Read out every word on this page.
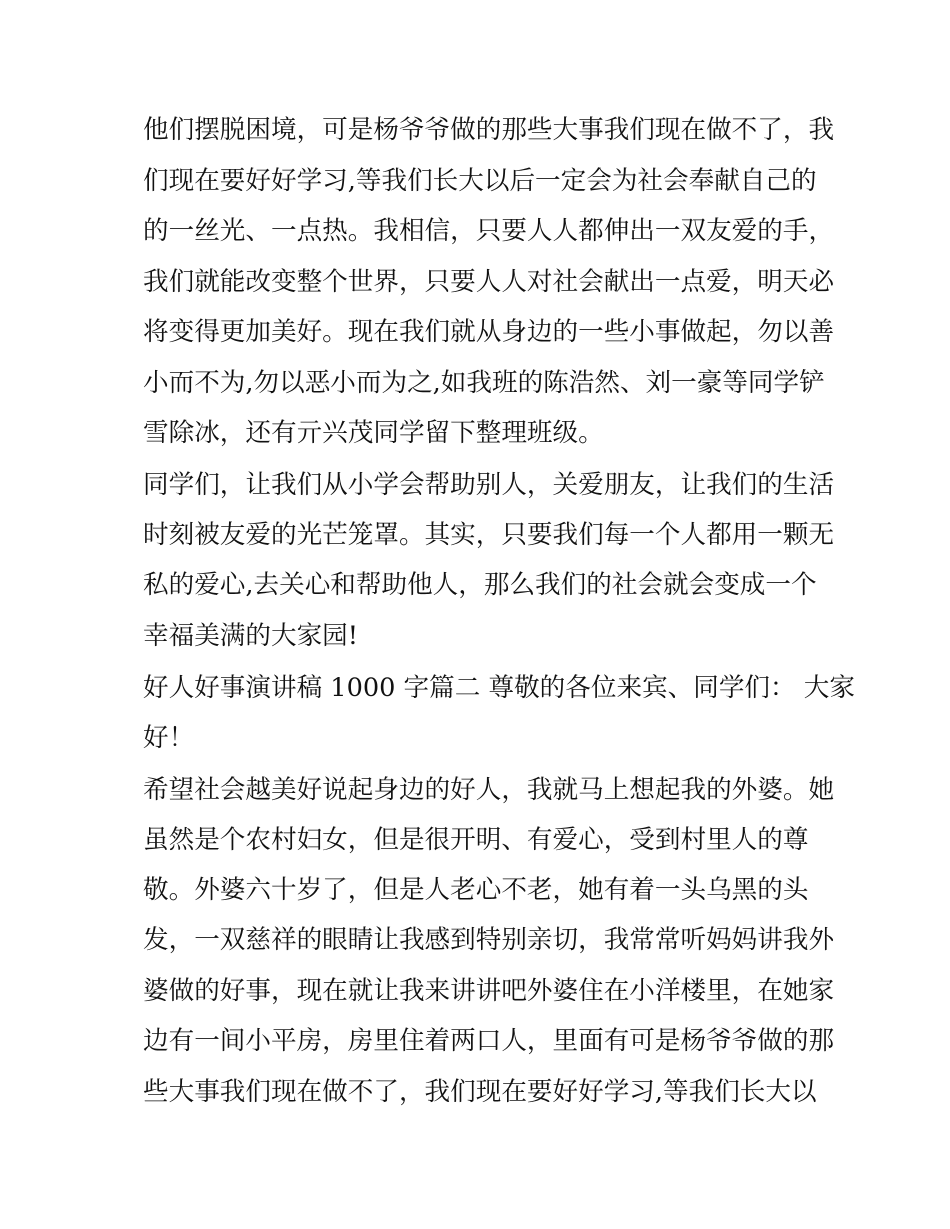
他们摆脱困境，可是杨爷爷做的那些大事我们现在做不了，我
们现在要好好学习,等我们长大以后一定会为社会奉献自己的
的一丝光、一点热。我相信，只要人人都伸出一双友爱的手，
我们就能改变整个世界，只要人人对社会献出一点爱，明天必
将变得更加美好。现在我们就从身边的一些小事做起，勿以善
小而不为,勿以恶小而为之,如我班的陈浩然、刘一豪等同学铲
雪除冰，还有亓兴茂同学留下整理班级。
同学们，让我们从小学会帮助别人，关爱朋友，让我们的生活
时刻被友爱的光芒笼罩。其实，只要我们每一个人都用一颗无
私的爱心,去关心和帮助他人，那么我们的社会就会变成一个
幸福美满的大家园!
好人好事演讲稿 1000 字篇二 尊敬的各位来宾、同学们： 大家
好！
希望社会越美好说起身边的好人，我就马上想起我的外婆。她
虽然是个农村妇女，但是很开明、有爱心，受到村里人的尊
敬。外婆六十岁了，但是人老心不老，她有着一头乌黑的头
发，一双慈祥的眼睛让我感到特别亲切，我常常听妈妈讲我外
婆做的好事，现在就让我来讲讲吧外婆住在小洋楼里，在她家
边有一间小平房，房里住着两口人，里面有可是杨爷爷做的那
些大事我们现在做不了，我们现在要好好学习,等我们长大以
